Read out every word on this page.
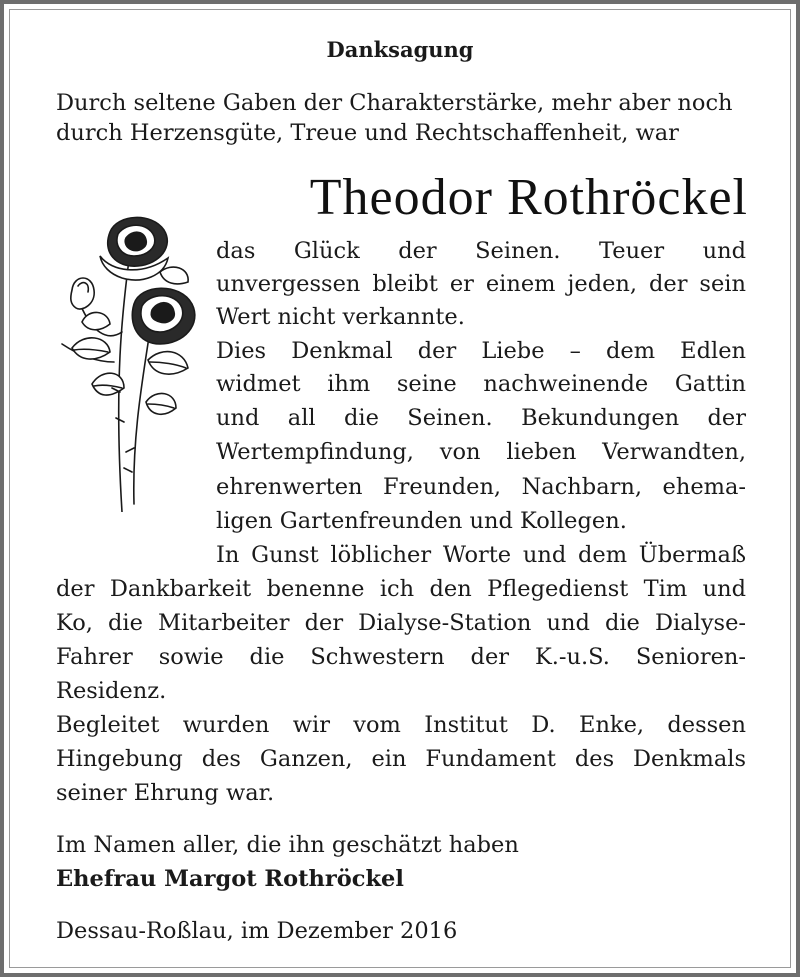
Danksagung
Durch seltene Gaben der Charakterstärke, mehr aber noch
durch Herzensgüte, Treue und Rechtschaffenheit, war
Theodor Rothröckel
das Glück der Seinen. Teuer und
unvergessen bleibt er einem jeden, der sein
Wert nicht verkannte.
Dies Denkmal der Liebe – dem Edlen
widmet ihm seine nachweinende Gattin
und all die Seinen. Bekundungen der
Wertempfindung, von lieben Verwandten,
ehrenwerten Freunden, Nachbarn, ehema-
ligen Gartenfreunden und Kollegen.
In Gunst löblicher Worte und dem Übermaß
der Dankbarkeit benenne ich den Pflegedienst Tim und
Ko, die Mitarbeiter der Dialyse-Station und die Dialyse-
Fahrer sowie die Schwestern der K.-u.S. Senioren-
Residenz.
Begleitet wurden wir vom Institut D. Enke, dessen
Hingebung des Ganzen, ein Fundament des Denkmals
seiner Ehrung war.
Im Namen aller, die ihn geschätzt haben
Ehefrau Margot Rothröckel
Dessau-Roßlau, im Dezember 2016
